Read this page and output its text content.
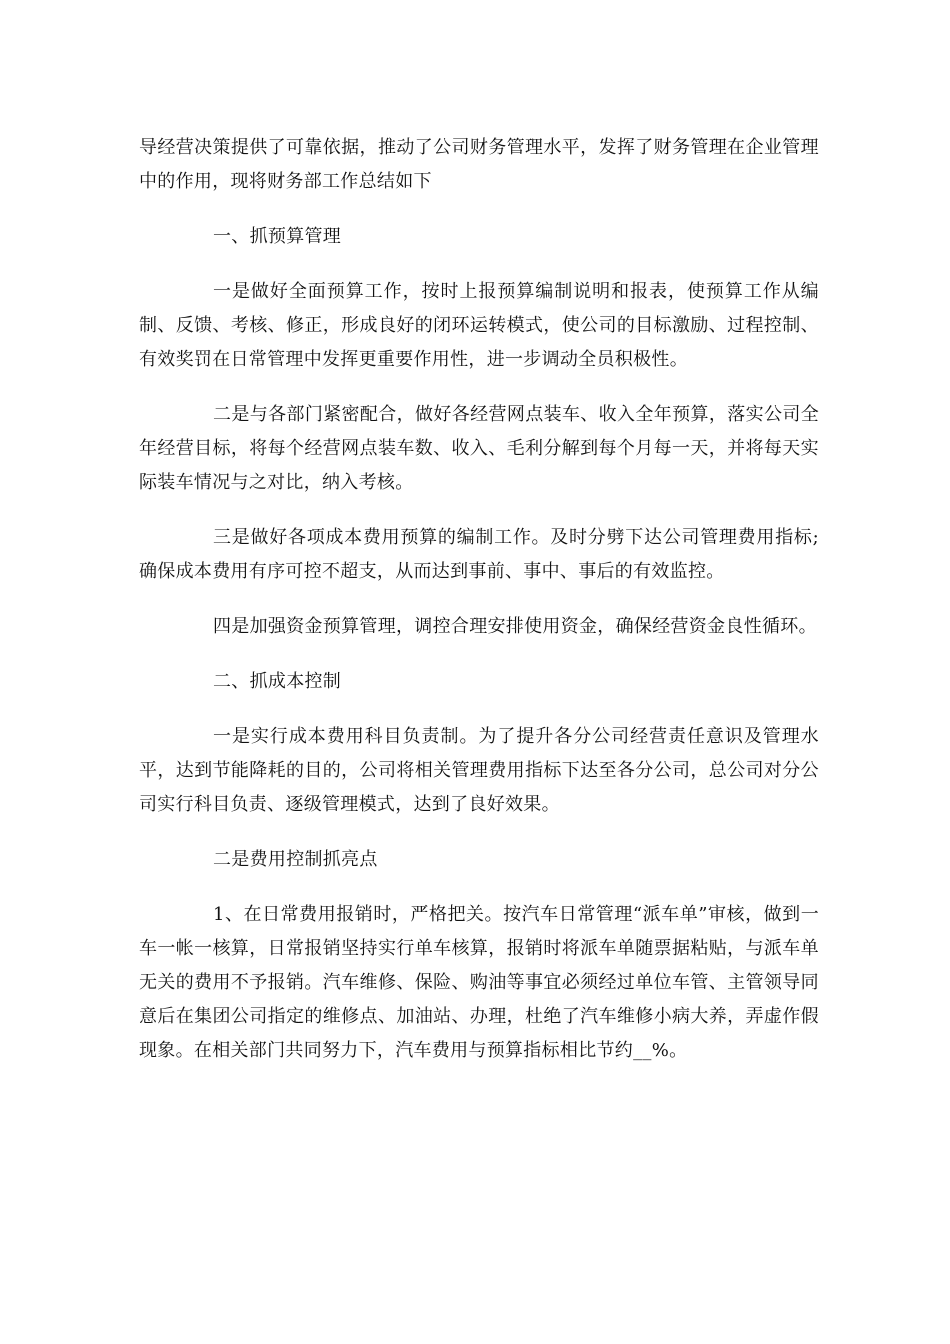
导经营决策提供了可靠依据，推动了公司财务管理水平，发挥了财务管理在企业管理中的作用，现将财务部工作总结如下

一、抓预算管理

一是做好全面预算工作，按时上报预算编制说明和报表，使预算工作从编制、反馈、考核、修正，形成良好的闭环运转模式，使公司的目标激励、过程控制、有效奖罚在日常管理中发挥更重要作用性，进一步调动全员积极性。

二是与各部门紧密配合，做好各经营网点装车、收入全年预算，落实公司全年经营目标，将每个经营网点装车数、收入、毛利分解到每个月每一天，并将每天实际装车情况与之对比，纳入考核。

三是做好各项成本费用预算的编制工作。及时分劈下达公司管理费用指标;确保成本费用有序可控不超支，从而达到事前、事中、事后的有效监控。

四是加强资金预算管理，调控合理安排使用资金，确保经营资金良性循环。

二、抓成本控制

一是实行成本费用科目负责制。为了提升各分公司经营责任意识及管理水平，达到节能降耗的目的，公司将相关管理费用指标下达至各分公司，总公司对分公司实行科目负责、逐级管理模式，达到了良好效果。

二是费用控制抓亮点

1、在日常费用报销时，严格把关。按汽车日常管理“派车单”审核，做到一车一帐一核算，日常报销坚持实行单车核算，报销时将派车单随票据粘贴，与派车单无关的费用不予报销。汽车维修、保险、购油等事宜必须经过单位车管、主管领导同意后在集团公司指定的维修点、加油站、办理，杜绝了汽车维修小病大养，弄虚作假现象。在相关部门共同努力下，汽车费用与预算指标相比节约__%。
